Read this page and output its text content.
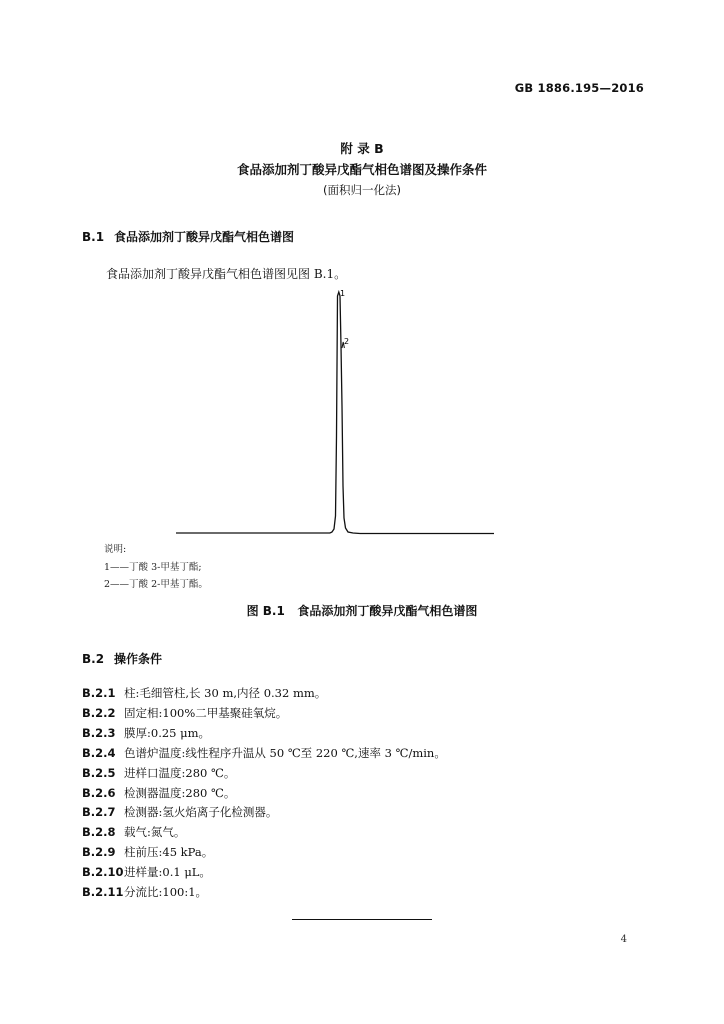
GB 1886.195—2016
附 录 B
食品添加剂丁酸异戊酯气相色谱图及操作条件
(面积归一化法)
B.1 食品添加剂丁酸异戊酯气相色谱图
食品添加剂丁酸异戊酯气相色谱图见图 B.1。
1
2
说明:
1——丁酸 3-甲基丁酯;
2——丁酸 2-甲基丁酯。
图 B.1 食品添加剂丁酸异戊酯气相色谱图
B.2 操作条件
B.2.1 柱:毛细管柱,长 30 m,内径 0.32 mm。
B.2.2 固定相:100%二甲基聚硅氧烷。
B.2.3 膜厚:0.25 μm。
B.2.4 色谱炉温度:线性程序升温从 50 ℃至 220 ℃,速率 3 ℃/min。
B.2.5 进样口温度:280 ℃。
B.2.6 检测器温度:280 ℃。
B.2.7 检测器:氢火焰离子化检测器。
B.2.8 载气:氮气。
B.2.9 柱前压:45 kPa。
B.2.10进样量:0.1 μL。
B.2.11分流比:100:1。
4
